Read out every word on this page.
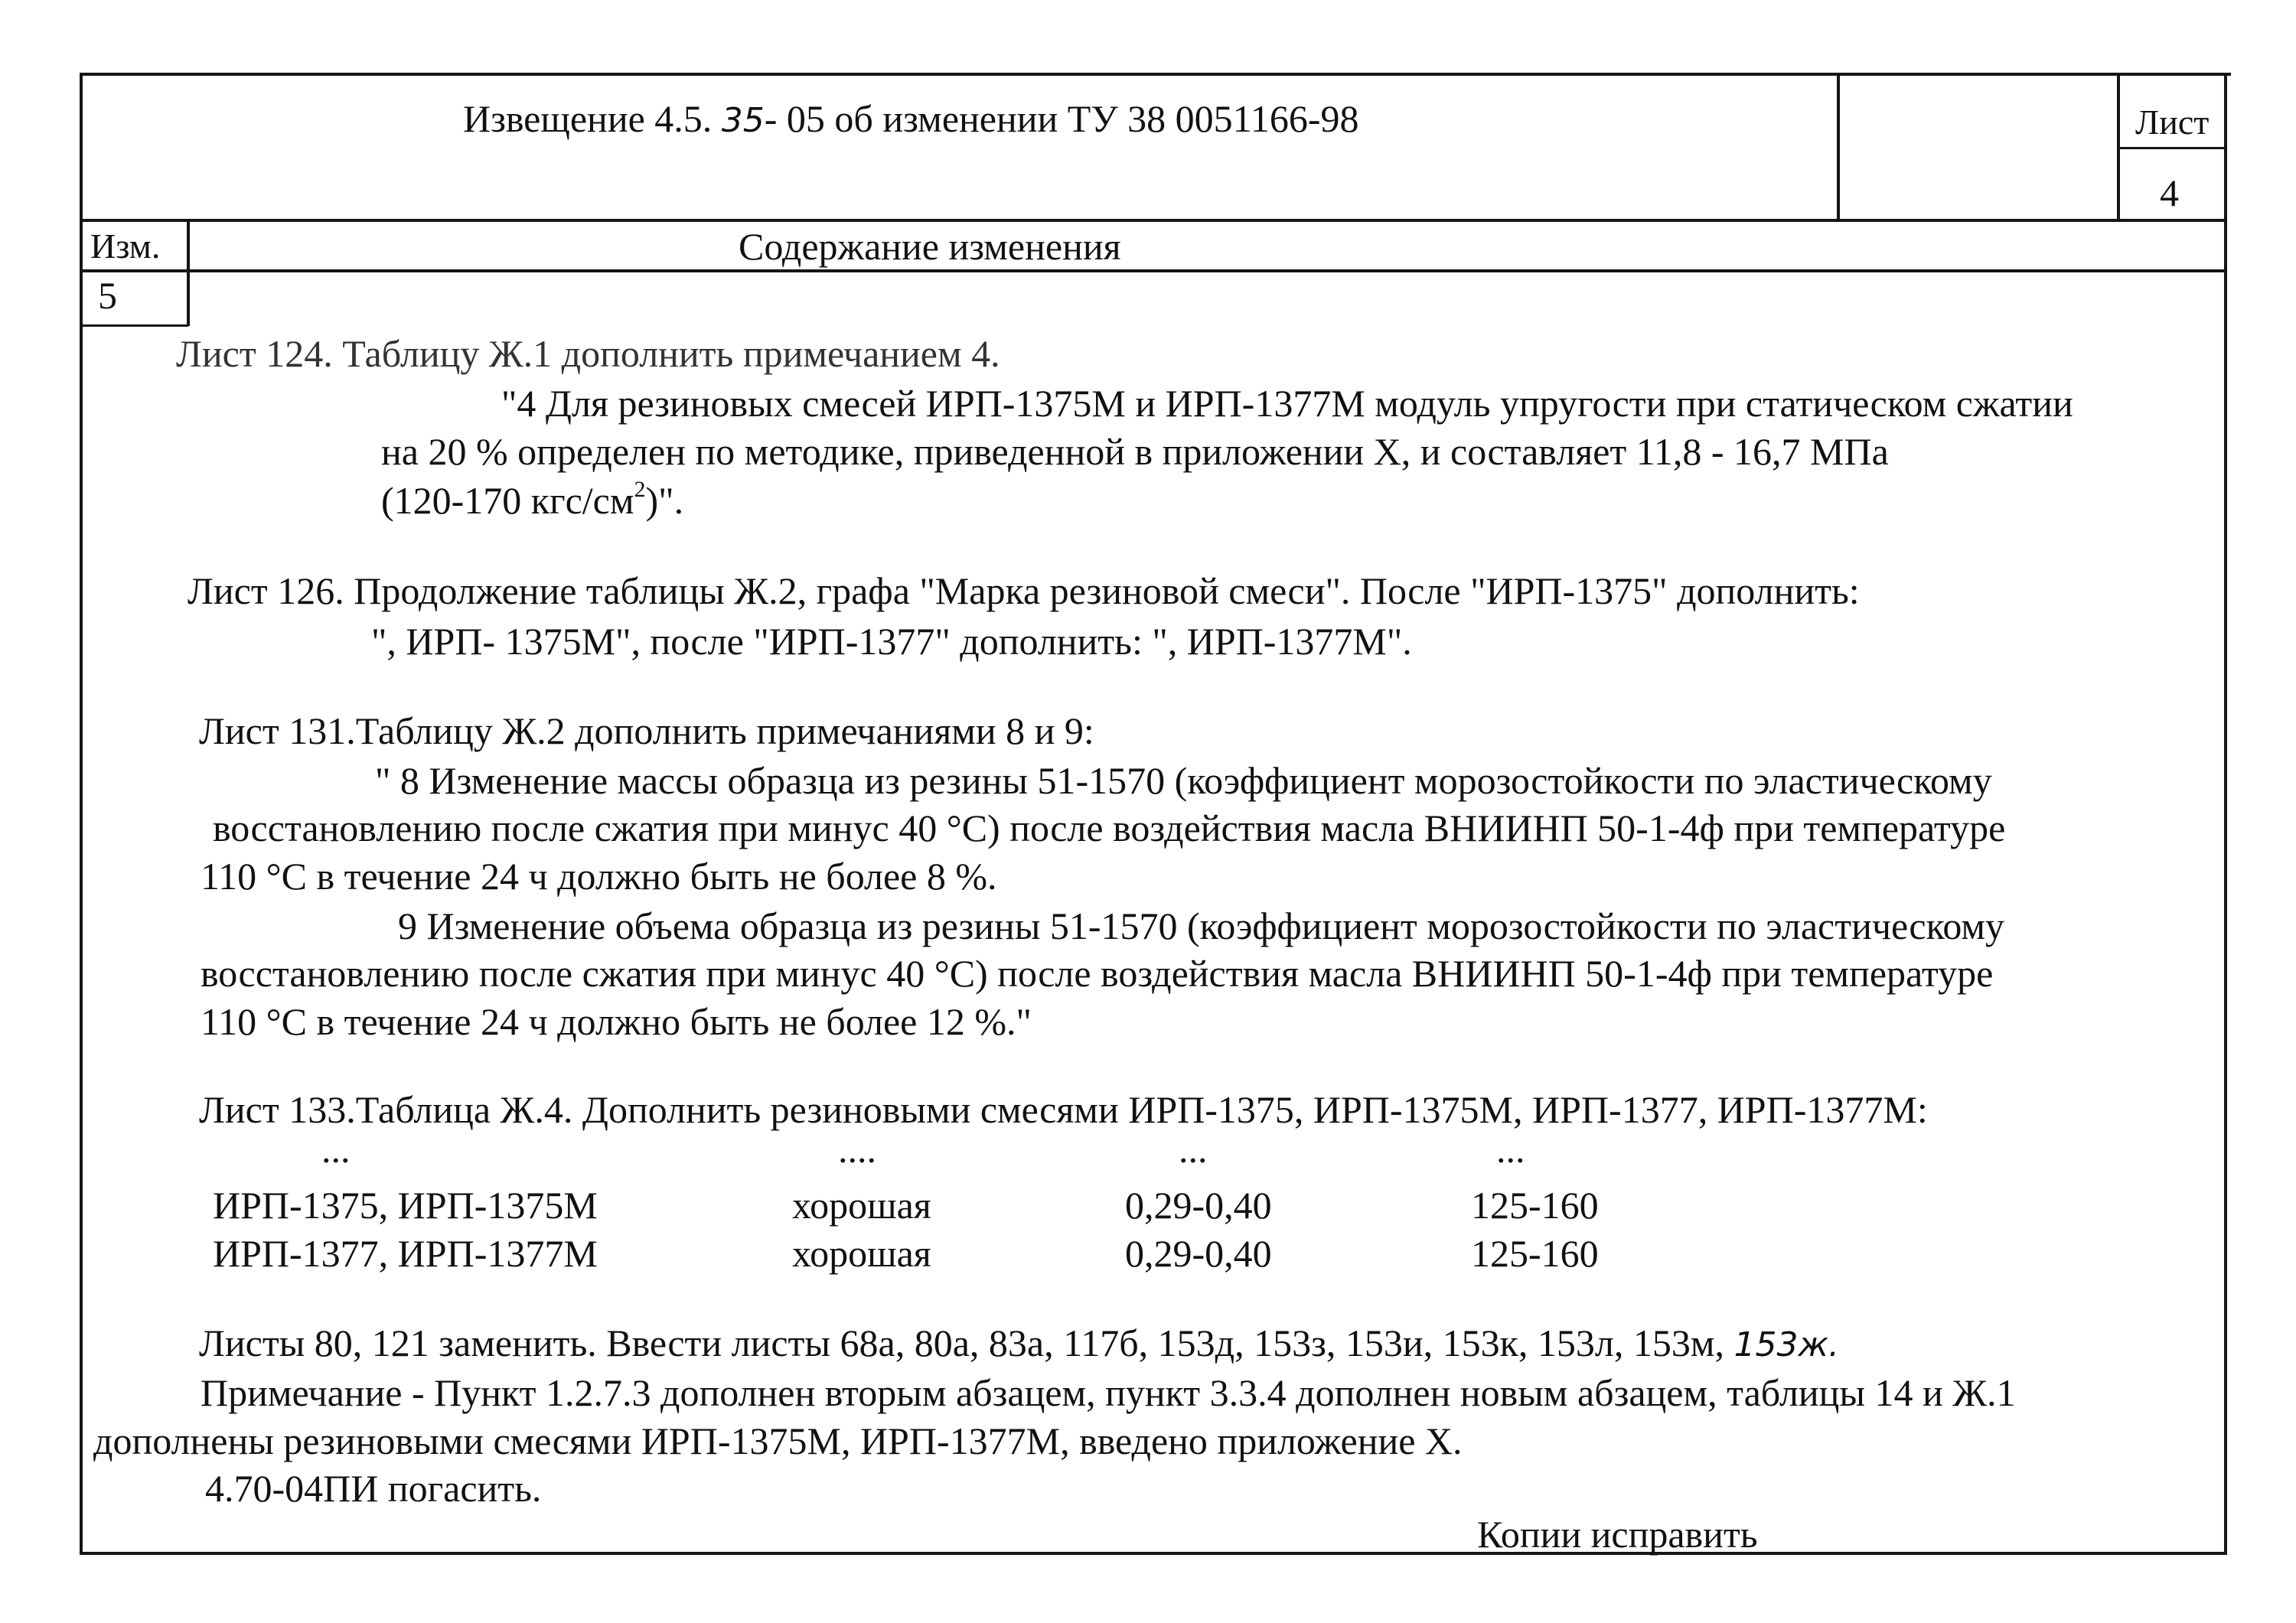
Извещение 4.5. 35- 05 об изменении ТУ 38 0051166-98	Лист
4
Изм.	Содержание изменения
5
Лист 124. Таблицу Ж.1 дополнить примечанием 4.
"4 Для резиновых смесей ИРП-1375М и ИРП-1377М модуль упругости при статическом сжатии
на 20 % определен по методике, приведенной в приложении Х, и составляет 11,8 - 16,7 МПа
(120-170 кгс/$см^2$)".
Лист 126. Продолжение таблицы Ж.2, графа "Марка резиновой смеси". После "ИРП-1375" дополнить:
", ИРП- 1375М", после "ИРП-1377" дополнить: ", ИРП-1377М".
Лист 131.Таблицу Ж.2 дополнить примечаниями 8 и 9:
" 8 Изменение массы образца из резины 51-1570 (коэффициент морозостойкости по эластическому
восстановлению после сжатия при минус 40 °С) после воздействия масла ВНИИНП 50-1-4ф при температуре
110 °С в течение 24 ч должно быть не более 8 %.
9 Изменение объема образца из резины 51-1570 (коэффициент морозостойкости по эластическому
восстановлению после сжатия при минус 40 °С) после воздействия масла ВНИИНП 50-1-4ф при температуре
110 °С в течение 24 ч должно быть не более 12 %."
Лист 133.Таблица Ж.4. Дополнить резиновыми смесями ИРП-1375, ИРП-1375М, ИРП-1377, ИРП-1377М:
...	....	...	...
ИРП-1375, ИРП-1375М	хорошая	0,29-0,40	125-160
ИРП-1377, ИРП-1377М	хорошая	0,29-0,40	125-160
Листы 80, 121 заменить. Ввести листы 68а, 80а, 83а, 117б, 153д, 153з, 153и, 153к, 153л, 153м, 153ж.
Примечание - Пункт 1.2.7.3 дополнен вторым абзацем, пункт 3.3.4 дополнен новым абзацем, таблицы 14 и Ж.1
дополнены резиновыми смесями ИРП-1375М, ИРП-1377М, введено приложение Х.
4.70-04ПИ погасить.
Копии исправить
